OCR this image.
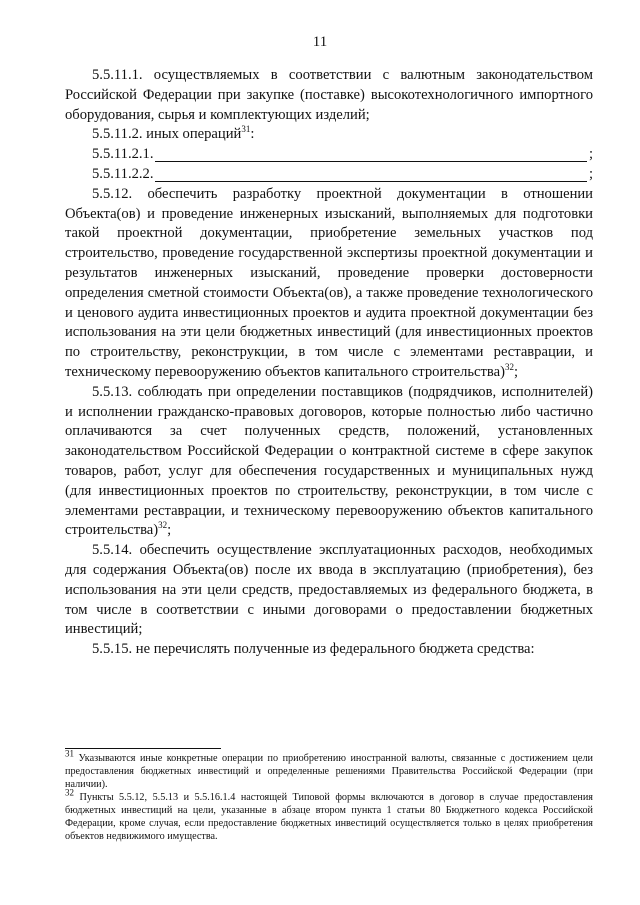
11

5.5.11.1. осуществляемых в соответствии с валютным законодательством Российской Федерации при закупке (поставке) высокотехнологичного импортного оборудования, сырья и комплектующих изделий;

5.5.11.2. иных операций$^{31}$:

5.5.11.2.1.	;
5.5.11.2.2.	;

5.5.12. обеспечить разработку проектной документации в отношении Объекта(ов) и проведение инженерных изысканий, выполняемых для подготовки такой проектной документации, приобретение земельных участков под строительство, проведение государственной экспертизы проектной документации и результатов инженерных изысканий, проведение проверки достоверности определения сметной стоимости Объекта(ов), а также проведение технологического и ценового аудита инвестиционных проектов и аудита проектной документации без использования на эти цели бюджетных инвестиций (для инвестиционных проектов по строительству, реконструкции, в том числе с элементами реставрации, и техническому перевооружению объектов капитального строительства)$^{32}$;

5.5.13. соблюдать при определении поставщиков (подрядчиков, исполнителей) и исполнении гражданско-правовых договоров, которые полностью либо частично оплачиваются за счет полученных средств, положений, установленных законодательством Российской Федерации о контрактной системе в сфере закупок товаров, работ, услуг для обеспечения государственных и муниципальных нужд (для инвестиционных проектов по строительству, реконструкции, в том числе с элементами реставрации, и техническому перевооружению объектов капитального строительства)$^{32}$;

5.5.14. обеспечить осуществление эксплуатационных расходов, необходимых для содержания Объекта(ов) после их ввода в эксплуатацию (приобретения), без использования на эти цели средств, предоставляемых из федерального бюджета, в том числе в соответствии с иными договорами о предоставлении бюджетных инвестиций;

5.5.15. не перечислять полученные из федерального бюджета средства:

$^{31}$ Указываются иные конкретные операции по приобретению иностранной валюты, связанные с достижением цели предоставления бюджетных инвестиций и определенные решениями Правительства Российской Федерации (при наличии).

$^{32}$ Пункты 5.5.12, 5.5.13 и 5.5.16.1.4 настоящей Типовой формы включаются в договор в случае предоставления бюджетных инвестиций на цели, указанные в абзаце втором пункта 1 статьи 80 Бюджетного кодекса Российской Федерации, кроме случая, если предоставление бюджетных инвестиций осуществляется только в целях приобретения объектов недвижимого имущества.
